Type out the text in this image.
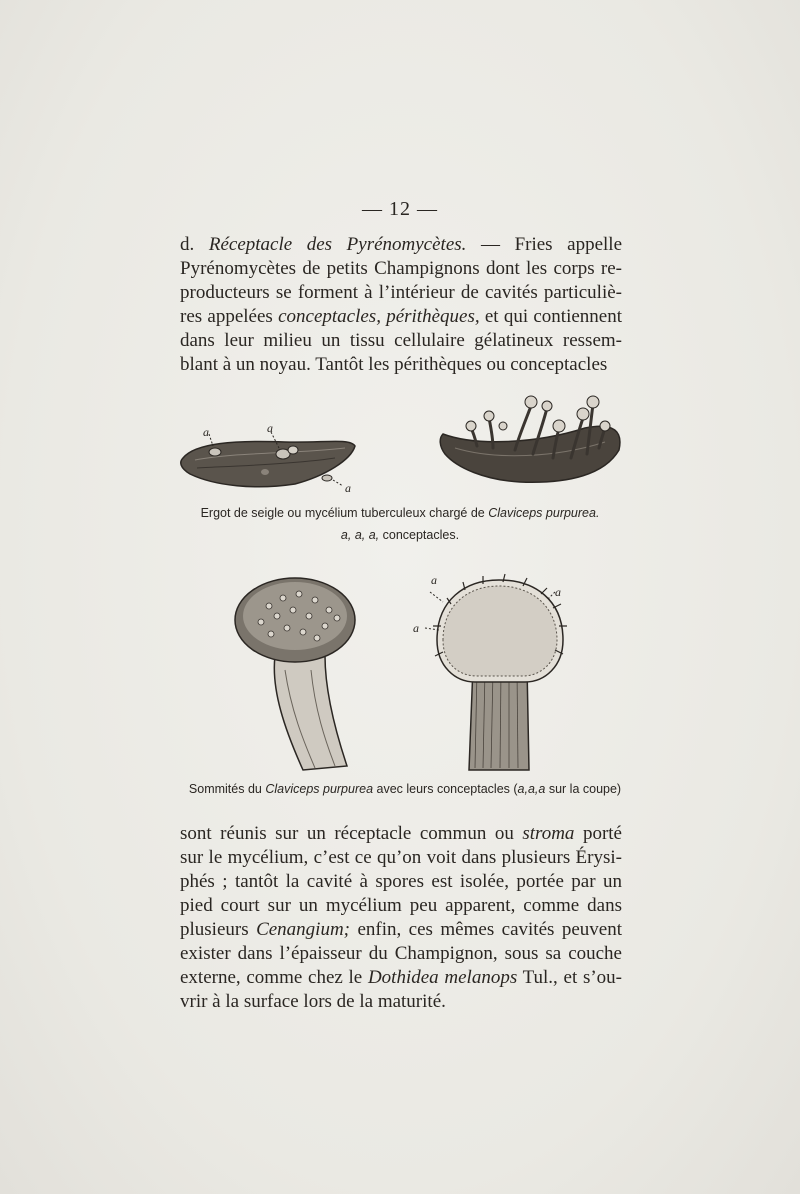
— 12 —
d. Réceptacle des Pyrénomycètes. — Fries appelle
Pyrénomycètes de petits Champignons dont les corps re-
producteurs se forment à l’intérieur de cavités particuliè-
res appelées conceptacles, périthèques, et qui contiennent
dans leur milieu un tissu cellulaire gélatineux ressem-
blant à un noyau. Tantôt les périthèques ou conceptacles
a	a
a
Ergot de seigle ou mycélium tuberculeux chargé de Claviceps purpurea.
a, a, a, conceptacles.
a
a
a
Sommités du Claviceps purpurea avec leurs conceptacles (a,a,a sur la coupe)
sont réunis sur un réceptacle commun ou stroma porté
sur le mycélium, c’est ce qu’on voit dans plusieurs Érysi-
phés ; tantôt la cavité à spores est isolée, portée par un
pied court sur un mycélium peu apparent, comme dans
plusieurs Cenangium; enfin, ces mêmes cavités peuvent
exister dans l’épaisseur du Champignon, sous sa couche
externe, comme chez le Dothidea melanops Tul., et s’ou-
vrir à la surface lors de la maturité.
